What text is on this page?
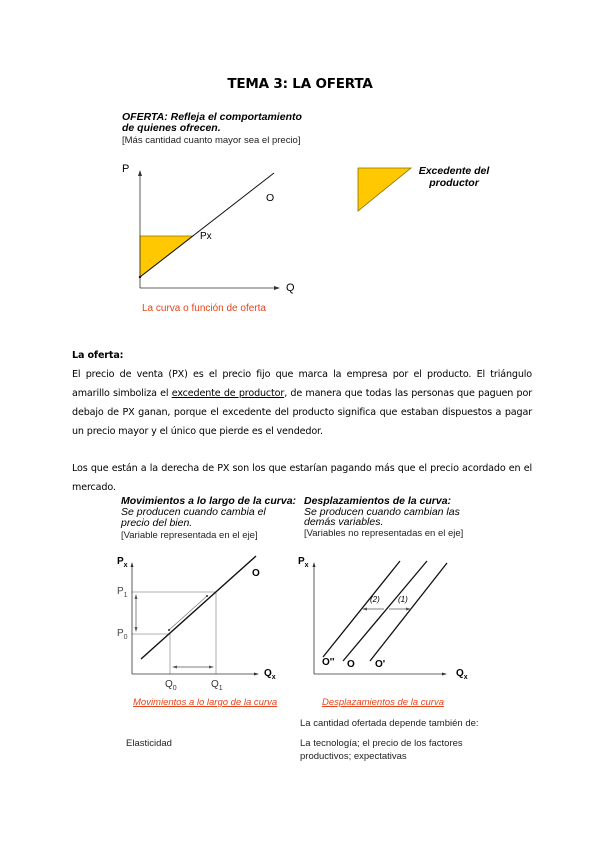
TEMA 3: LA OFERTA
OFERTA: Refleja el comportamiento
de quienes ofrecen.
[Más cantidad cuanto mayor sea el precio]
P
O
Px
Q
La curva o función de oferta
Excedente del
productor
La oferta:
El precio de venta (PX) es el precio fijo que marca la empresa por el producto. El triángulo amarillo simboliza el excedente de productor, de manera que todas las personas que paguen por debajo de PX ganan, porque el excedente del producto significa que estaban dispuestos a pagar un precio mayor y el único que pierde es el vendedor.
Los que están a la derecha de PX son los que estarían pagando más que el precio acordado en el mercado.
Movimientos a lo largo de la curva:
Se producen cuando cambia el
precio del bien.
[Variable representada en el eje]
Desplazamientos de la curva:
Se producen cuando cambian las
demás variables.
[Variables no representadas en el eje]
$P_x$
O
$P_1$
$P_0$
$Q_0$	$Q_1$
$Q_x$
Movimientos a lo largo de la curva
$P_x$
(2) (1)
O'' O O'
$Q_x$
Desplazamientos de la curva
Elasticidad
La cantidad ofertada depende también de:
La tecnología; el precio de los factores
productivos; expectativas
